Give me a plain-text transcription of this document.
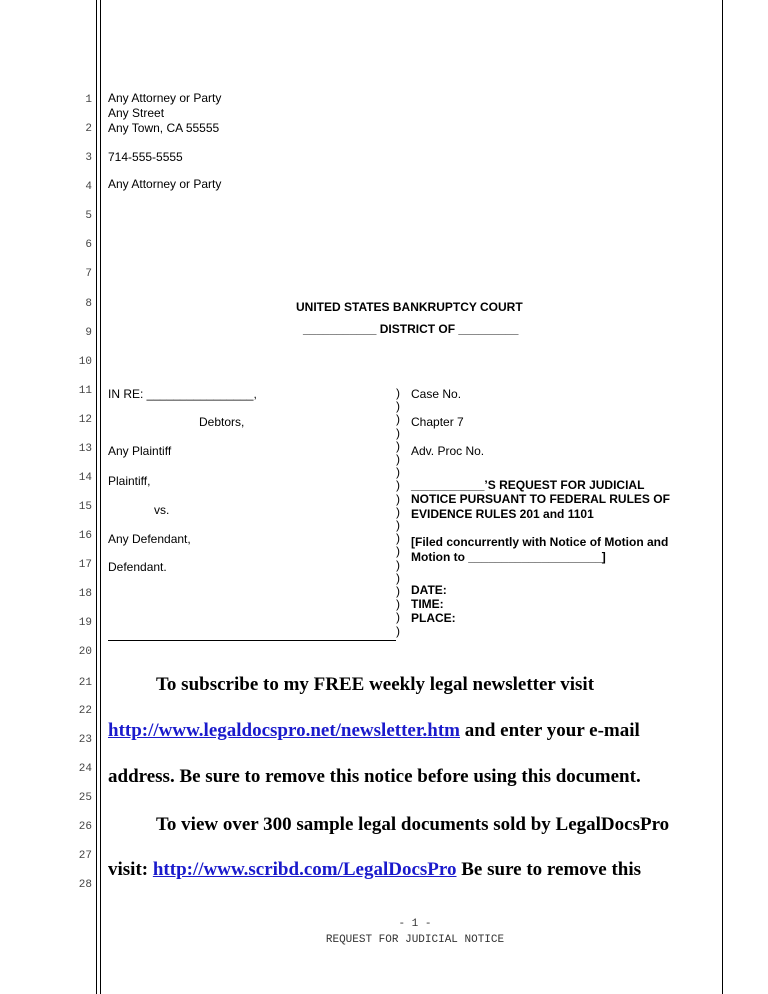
1
2
3
4
5
6
7
8
9
10
11
12
13
14
15
16
17
18
19
20
21
22
23
24
25
26
27
28
Any Attorney or Party
Any Street
Any Town, CA 55555
714-555-5555
Any Attorney or Party
UNITED STATES BANKRUPTCY COURT
___________ DISTRICT OF _________
IN RE: ________________,
Debtors,
Any Plaintiff
Plaintiff,
vs.
Any Defendant,
Defendant.
)
)
)
)
)
)
)
)
)
)
)
)
)
)
)
)
)
)
)
Case No.
Chapter 7
Adv. Proc No.
___________’S REQUEST FOR JUDICIAL
NOTICE PURSUANT TO FEDERAL RULES OF
EVIDENCE RULES 201 and 1101
[Filed concurrently with Notice of Motion and
Motion to ____________________]
DATE:
TIME:
PLACE:
To subscribe to my FREE weekly legal newsletter visit
http://www.legaldocspro.net/newsletter.htm and enter your e-mail
address. Be sure to remove this notice before using this document.
To view over 300 sample legal documents sold by LegalDocsPro
visit: http://www.scribd.com/LegalDocsPro Be sure to remove this
- 1 -
REQUEST FOR JUDICIAL NOTICE
